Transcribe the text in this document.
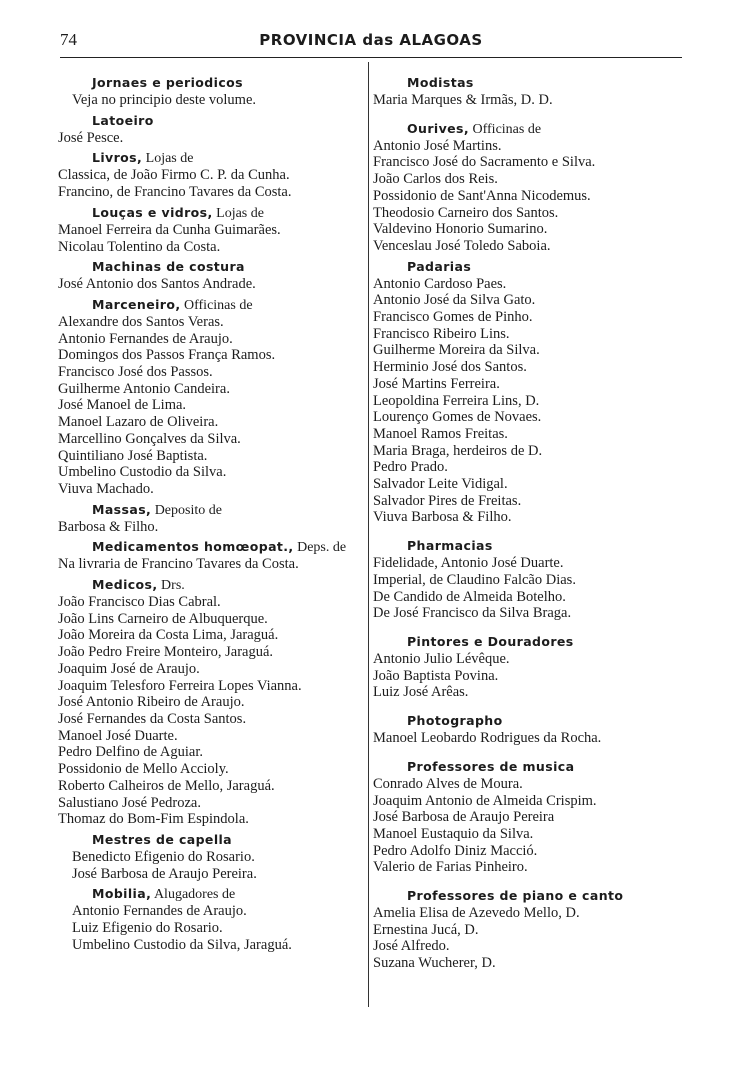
74	PROVINCIA das ALAGOAS
Jornaes e periodicos
Veja no principio deste volume.
Latoeiro
José Pesce.
Livros, Lojas de
Classica, de João Firmo C. P. da Cunha.
Francino, de Francino Tavares da Costa.
Louças e vidros, Lojas de
Manoel Ferreira da Cunha Guimarães.
Nicolau Tolentino da Costa.
Machinas de costura
José Antonio dos Santos Andrade.
Marceneiro, Officinas de
Alexandre dos Santos Veras.
Antonio Fernandes de Araujo.
Domingos dos Passos França Ramos.
Francisco José dos Passos.
Guilherme Antonio Candeira.
José Manoel de Lima.
Manoel Lazaro de Oliveira.
Marcellino Gonçalves da Silva.
Quintiliano José Baptista.
Umbelino Custodio da Silva.
Viuva Machado.
Massas, Deposito de
Barbosa & Filho.
Medicamentos homœopat., Deps. de
Na livraria de Francino Tavares da Costa.
Medicos, Drs.
João Francisco Dias Cabral.
João Lins Carneiro de Albuquerque.
João Moreira da Costa Lima, Jaraguá.
João Pedro Freire Monteiro, Jaraguá.
Joaquim José de Araujo.
Joaquim Telesforo Ferreira Lopes Vianna.
José Antonio Ribeiro de Araujo.
José Fernandes da Costa Santos.
Manoel José Duarte.
Pedro Delfino de Aguiar.
Possidonio de Mello Accioly.
Roberto Calheiros de Mello, Jaraguá.
Salustiano José Pedroza.
Thomaz do Bom-Fim Espindola.
Mestres de capella
Benedicto Efigenio do Rosario.
José Barbosa de Araujo Pereira.
Mobilia, Alugadores de
Antonio Fernandes de Araujo.
Luiz Efigenio do Rosario.
Umbelino Custodio da Silva, Jaraguá.
Modistas
Maria Marques & Irmãs, D. D.
Ourives, Officinas de
Antonio José Martins.
Francisco José do Sacramento e Silva.
João Carlos dos Reis.
Possidonio de Sant'Anna Nicodemus.
Theodosio Carneiro dos Santos.
Valdevino Honorio Sumarino.
Venceslau José Toledo Saboia.
Padarias
Antonio Cardoso Paes.
Antonio José da Silva Gato.
Francisco Gomes de Pinho.
Francisco Ribeiro Lins.
Guilherme Moreira da Silva.
Herminio José dos Santos.
José Martins Ferreira.
Leopoldina Ferreira Lins, D.
Lourenço Gomes de Novaes.
Manoel Ramos Freitas.
Maria Braga, herdeiros de D.
Pedro Prado.
Salvador Leite Vidigal.
Salvador Pires de Freitas.
Viuva Barbosa & Filho.
Pharmacias
Fidelidade, Antonio José Duarte.
Imperial, de Claudino Falcão Dias.
De Candido de Almeida Botelho.
De José Francisco da Silva Braga.
Pintores e Douradores
Antonio Julio Lévêque.
João Baptista Povina.
Luiz José Arêas.
Photographo
Manoel Leobardo Rodrigues da Rocha.
Professores de musica
Conrado Alves de Moura.
Joaquim Antonio de Almeida Crispim.
José Barbosa de Araujo Pereira
Manoel Eustaquio da Silva.
Pedro Adolfo Diniz Macció.
Valerio de Farias Pinheiro.
Professores de piano e canto
Amelia Elisa de Azevedo Mello, D.
Ernestina Jucá, D.
José Alfredo.
Suzana Wucherer, D.
